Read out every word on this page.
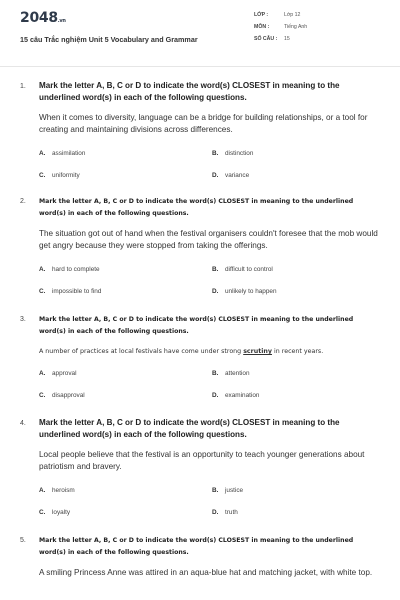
2048.vn
15 câu Trắc nghiệm Unit 5 Vocabulary and Grammar
LỚP :	Lớp 12
MÔN :	Tiếng Anh
SỐ CÂU :	15
1. Mark the letter A, B, C or D to indicate the word(s) CLOSEST in meaning to the underlined word(s) in each of the following questions.
When it comes to diversity, language can be a bridge for building relationships, or a tool for creating and maintaining divisions across differences.
A. assimilation	B. distinction
C. uniformity	D. variance
2. Mark the letter A, B, C or D to indicate the word(s) CLOSEST in meaning to the underlined word(s) in each of the following questions.
The situation got out of hand when the festival organisers couldn't foresee that the mob would get angry because they were stopped from taking the offerings.
A. hard to complete	B. difficult to control
C. impossible to find	D. unlikely to happen
3. Mark the letter A, B, C or D to indicate the word(s) CLOSEST in meaning to the underlined word(s) in each of the following questions.
A number of practices at local festivals have come under strong scrutiny in recent years.
A. approval	B. attention
C. disapproval	D. examination
4. Mark the letter A, B, C or D to indicate the word(s) CLOSEST in meaning to the underlined word(s) in each of the following questions.
Local people believe that the festival is an opportunity to teach younger generations about patriotism and bravery.
A. heroism	B. justice
C. loyalty	D. truth
5. Mark the letter A, B, C or D to indicate the word(s) CLOSEST in meaning to the underlined word(s) in each of the following questions.
A smiling Princess Anne was attired in an aqua-blue hat and matching jacket, with white top.
